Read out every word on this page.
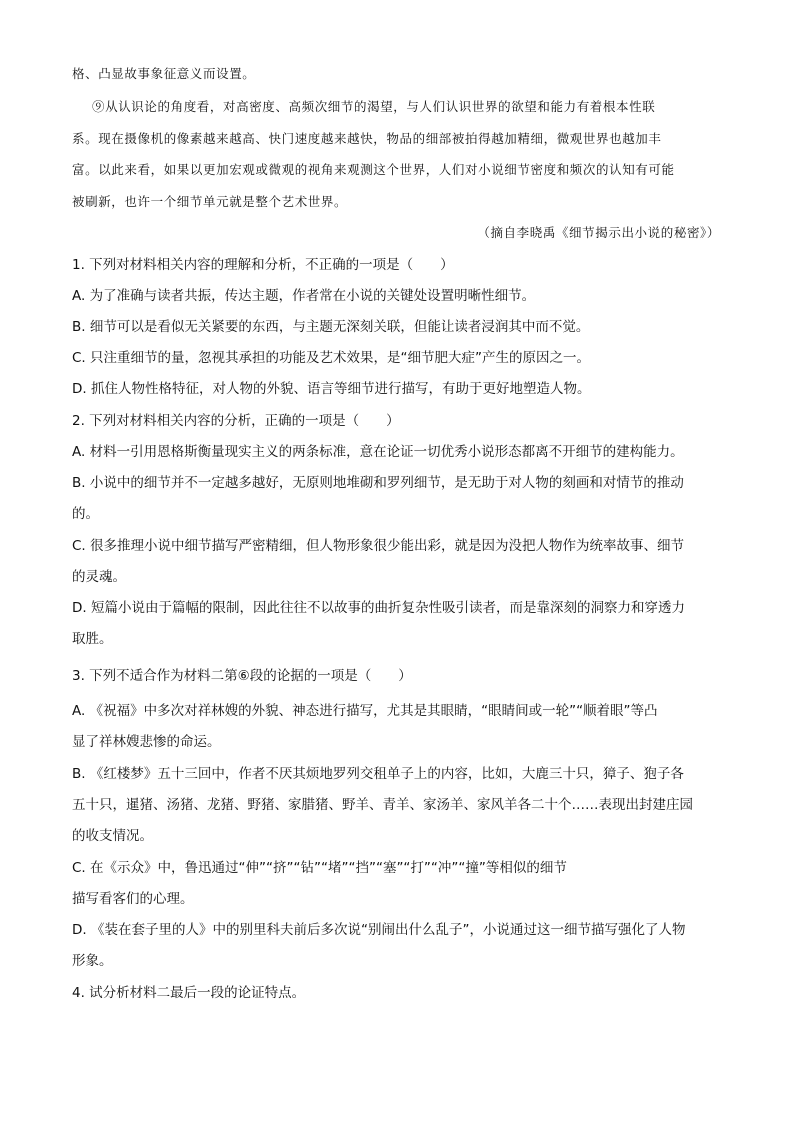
格、凸显故事象征意义而设置。
⑨从认识论的角度看，对高密度、高频次细节的渴望，与人们认识世界的欲望和能力有着根本性联
系。现在摄像机的像素越来越高、快门速度越来越快，物品的细部被拍得越加精细，微观世界也越加丰
富。以此来看，如果以更加宏观或微观的视角来观测这个世界，人们对小说细节密度和频次的认知有可能
被刷新，也许一个细节单元就是整个艺术世界。
（摘自李晓禹《细节揭示出小说的秘密》）
1. 下列对材料相关内容的理解和分析，不正确的一项是（　　）
A. 为了准确与读者共振，传达主题，作者常在小说的关键处设置明晰性细节。
B. 细节可以是看似无关紧要的东西，与主题无深刻关联，但能让读者浸润其中而不觉。
C. 只注重细节的量，忽视其承担的功能及艺术效果，是“细节肥大症”产生的原因之一。
D. 抓住人物性格特征，对人物的外貌、语言等细节进行描写，有助于更好地塑造人物。
2. 下列对材料相关内容的分析，正确的一项是（　　）
A. 材料一引用恩格斯衡量现实主义的两条标准，意在论证一切优秀小说形态都离不开细节的建构能力。
B. 小说中的细节并不一定越多越好，无原则地堆砌和罗列细节，是无助于对人物的刻画和对情节的推动
的。
C. 很多推理小说中细节描写严密精细，但人物形象很少能出彩，就是因为没把人物作为统率故事、细节
的灵魂。
D. 短篇小说由于篇幅的限制，因此往往不以故事的曲折复杂性吸引读者，而是靠深刻的洞察力和穿透力
取胜。
3. 下列不适合作为材料二第⑥段的论据的一项是（　　）
A. 《祝福》中多次对祥林嫂的外貌、神态进行描写，尤其是其眼睛，“眼睛间或一轮”“顺着眼”等凸
显了祥林嫂悲惨的命运。
B. 《红楼梦》五十三回中，作者不厌其烦地罗列交租单子上的内容，比如，大鹿三十只，獐子、狍子各
五十只，暹猪、汤猪、龙猪、野猪、家腊猪、野羊、青羊、家汤羊、家风羊各二十个……表现出封建庄园
的收支情况。
C. 在《示众》中，鲁迅通过“伸”“挤”“钻”“堵”“挡”“塞”“打”“冲”“撞”等相似的细节
描写看客们的心理。
D. 《装在套子里的人》中的别里科夫前后多次说“别闹出什么乱子”，小说通过这一细节描写强化了人物
形象。
4. 试分析材料二最后一段的论证特点。
